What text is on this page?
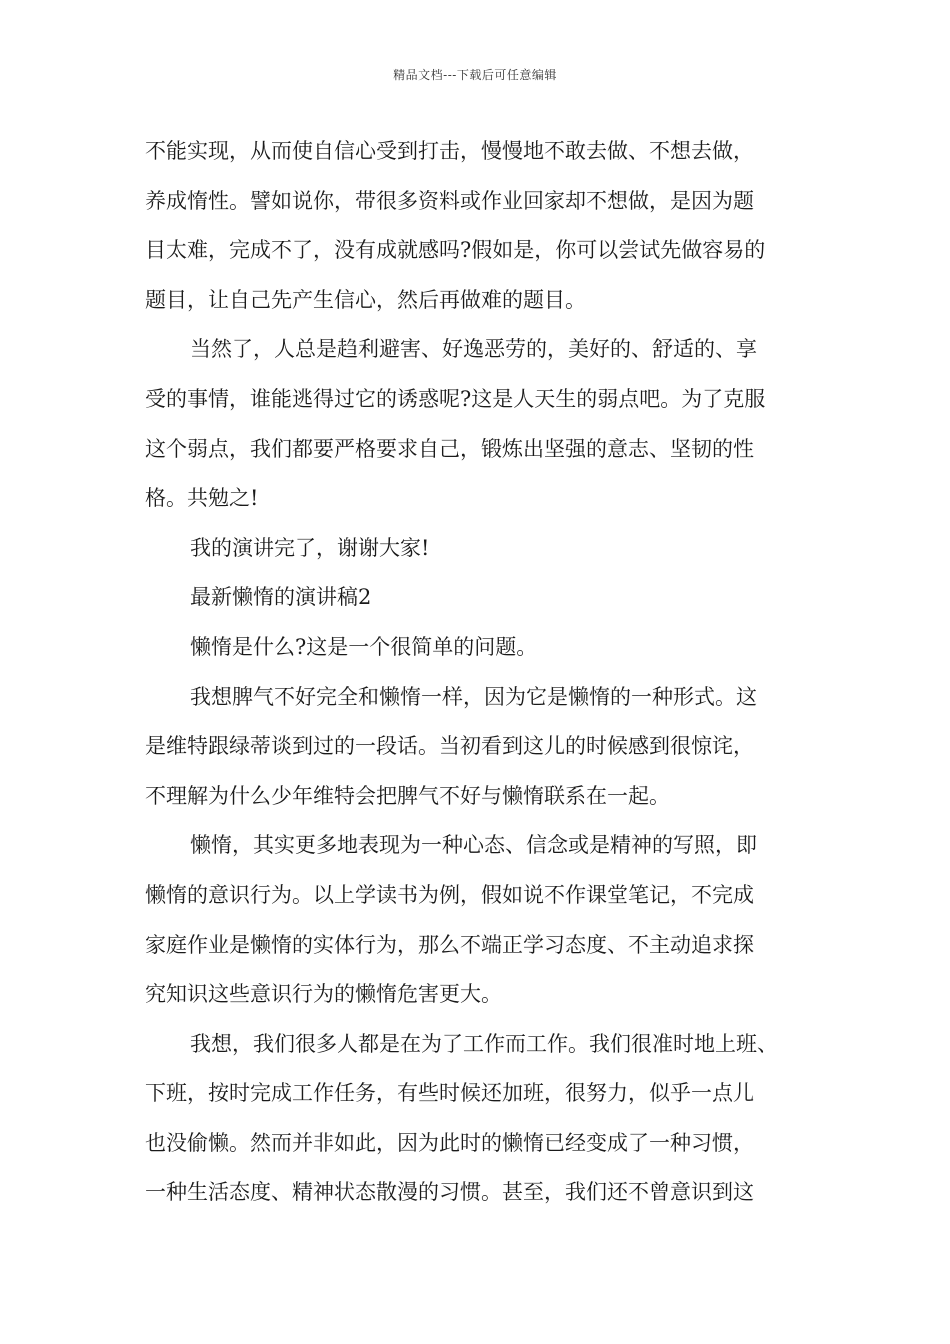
精品文档---下载后可任意编辑
不能实现，从而使自信心受到打击，慢慢地不敢去做、不想去做，
养成惰性。譬如说你，带很多资料或作业回家却不想做，是因为题
目太难，完成不了，没有成就感吗?假如是，你可以尝试先做容易的
题目，让自己先产生信心，然后再做难的题目。
当然了，人总是趋利避害、好逸恶劳的，美好的、舒适的、享
受的事情，谁能逃得过它的诱惑呢?这是人天生的弱点吧。为了克服
这个弱点，我们都要严格要求自己，锻炼出坚强的意志、坚韧的性
格。共勉之!
我的演讲完了，谢谢大家!
最新懒惰的演讲稿2
懒惰是什么?这是一个很简单的问题。
我想脾气不好完全和懒惰一样，因为它是懒惰的一种形式。这
是维特跟绿蒂谈到过的一段话。当初看到这儿的时候感到很惊诧，
不理解为什么少年维特会把脾气不好与懒惰联系在一起。
懒惰，其实更多地表现为一种心态、信念或是精神的写照，即
懒惰的意识行为。以上学读书为例，假如说不作课堂笔记，不完成
家庭作业是懒惰的实体行为，那么不端正学习态度、不主动追求探
究知识这些意识行为的懒惰危害更大。
我想，我们很多人都是在为了工作而工作。我们很准时地上班、
下班，按时完成工作任务，有些时候还加班，很努力，似乎一点儿
也没偷懒。然而并非如此，因为此时的懒惰已经变成了一种习惯，
一种生活态度、精神状态散漫的习惯。甚至，我们还不曾意识到这
